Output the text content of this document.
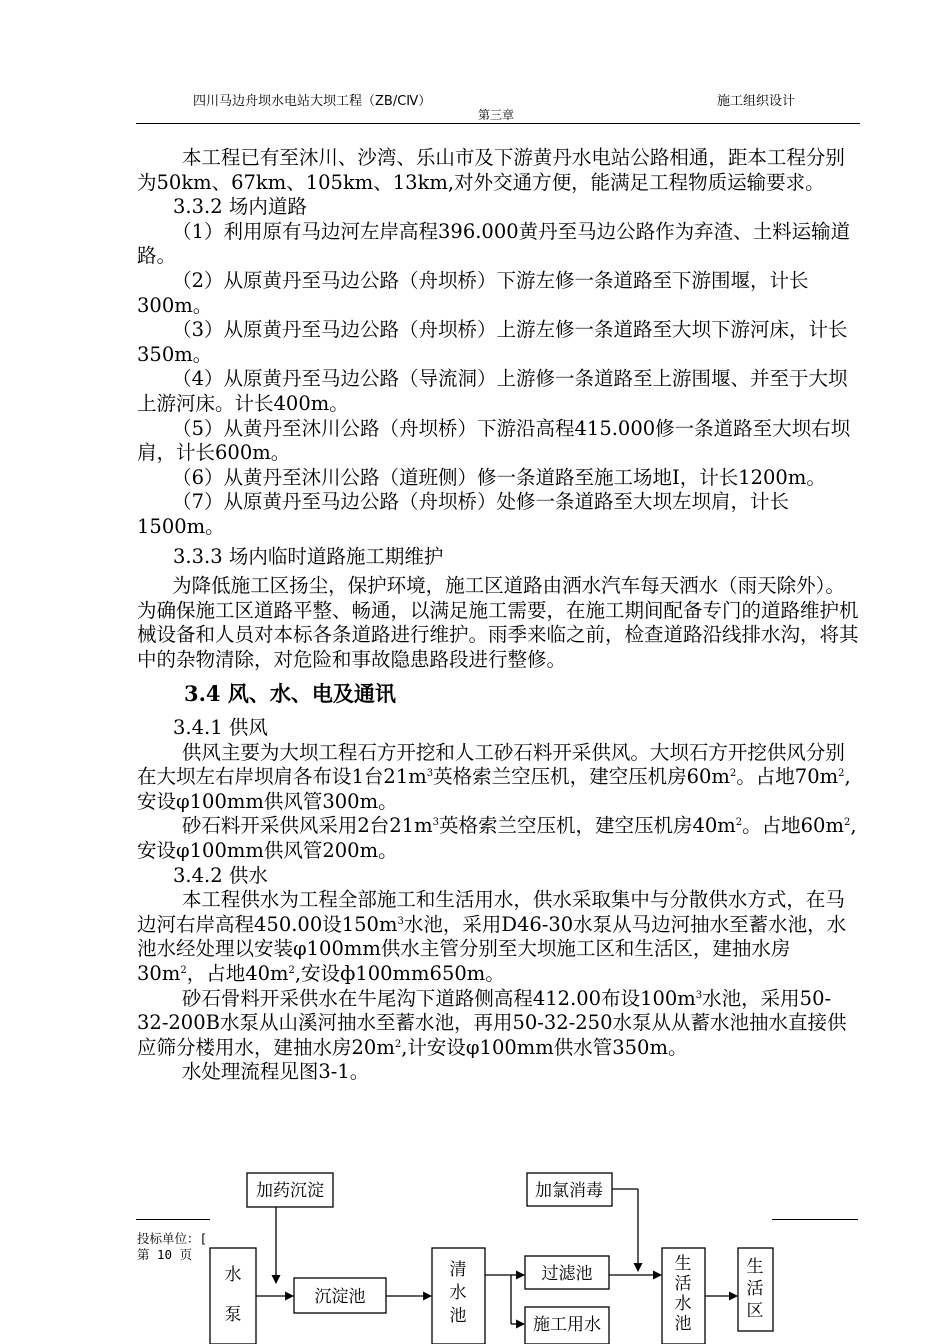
四川马边舟坝水电站大坝工程（ZB/CⅣ）	施工组织设计
第三章

本工程已有至沐川、沙湾、乐山市及下游黄丹水电站公路相通，距本工程分别为50km、67km、105km、13km,对外交通方便，能满足工程物质运输要求。

3.3.2 场内道路

（1）利用原有马边河左岸高程396.000黄丹至马边公路作为弃渣、土料运输道路。

（2）从原黄丹至马边公路（舟坝桥）下游左修一条道路至下游围堰，计长300m。

（3）从原黄丹至马边公路（舟坝桥）上游左修一条道路至大坝下游河床，计长350m。

（4）从原黄丹至马边公路（导流洞）上游修一条道路至上游围堰、并至于大坝上游河床。计长400m。

（5）从黄丹至沐川公路（舟坝桥）下游沿高程415.000修一条道路至大坝右坝肩，计长600m。

（6）从黄丹至沐川公路（道班侧）修一条道路至施工场地Ⅰ，计长1200m。

（7）从原黄丹至马边公路（舟坝桥）处修一条道路至大坝左坝肩，计长1500m。

3.3.3 场内临时道路施工期维护

为降低施工区扬尘，保护环境，施工区道路由洒水汽车每天洒水（雨天除外）。为确保施工区道路平整、畅通，以满足施工需要，在施工期间配备专门的道路维护机械设备和人员对本标各条道路进行维护。雨季来临之前，检查道路沿线排水沟，将其中的杂物清除，对危险和事故隐患路段进行整修。

3.4 风、水、电及通讯

3.4.1 供风

供风主要为大坝工程石方开挖和人工砂石料开采供风。大坝石方开挖供风分别在大坝左右岸坝肩各布设1台$21m^3$英格索兰空压机，建空压机房$60m^2$。占地$70m^2$,安设φ100mm供风管300m。

砂石料开采供风采用2台$21m^3$英格索兰空压机，建空压机房$40m^2$。占地$60m^2$,安设φ100mm供风管200m。

3.4.2 供水

本工程供水为工程全部施工和生活用水，供水采取集中与分散供水方式，在马边河右岸高程450.00设$150m^3$水池，采用D46-30水泵从马边河抽水至蓄水池，水池水经处理以安装φ100mm供水主管分别至大坝施工区和生活区，建抽水房$30m^2$，占地$40m^2$,安设ф100mm650m。

砂石骨料开采供水在牛尾沟下道路侧高程412.00布设$100m^3$水池，采用50-32-200B水泵从山溪河抽水至蓄水池，再用50-32-250水泵从从蓄水池抽水直接供应筛分楼用水，建抽水房$20m^2$,计安设φ100mm供水管350m。

水处理流程见图3-1。

投标单位：[
第 10 页
加药沉淀	加氯消毒
水
泵
沉淀池
清
水
池
过滤池
施工用水
生
活
水
池
生
活
区
